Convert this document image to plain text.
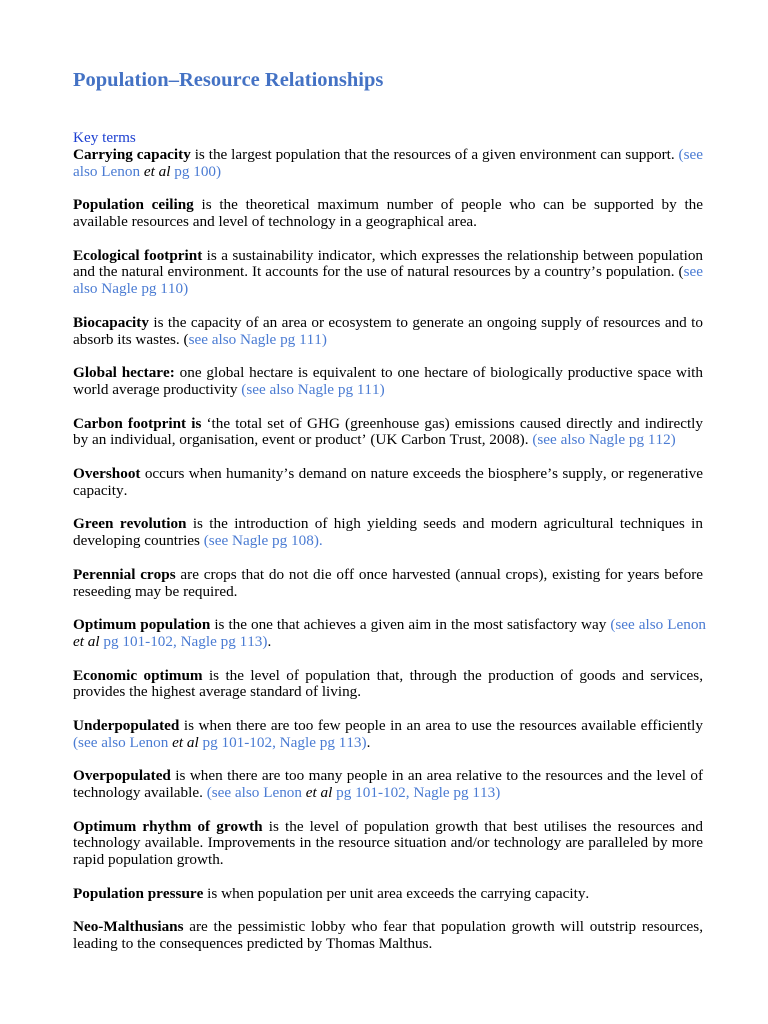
Population–Resource Relationships
Key terms

Carrying capacity is the largest population that the resources of a given environment can support. (see also Lenon et al pg 100)

Population ceiling is the theoretical maximum number of people who can be supported by the available resources and level of technology in a geographical area.

Ecological footprint is a sustainability indicator, which expresses the relationship between population and the natural environment. It accounts for the use of natural resources by a country’s population. (see also Nagle pg 110)

Biocapacity is the capacity of an area or ecosystem to generate an ongoing supply of resources and to absorb its wastes. (see also Nagle pg 111)

Global hectare: one global hectare is equivalent to one hectare of biologically productive space with world average productivity (see also Nagle pg 111)

Carbon footprint is ‘the total set of GHG (greenhouse gas) emissions caused directly and indirectly by an individual, organisation, event or product’ (UK Carbon Trust, 2008). (see also Nagle pg 112)

Overshoot occurs when humanity’s demand on nature exceeds the biosphere’s supply, or regenerative capacity.

Green revolution is the introduction of high yielding seeds and modern agricultural techniques in developing countries (see Nagle pg 108).

Perennial crops are crops that do not die off once harvested (annual crops), existing for years before reseeding may be required.

Optimum population is the one that achieves a given aim in the most satisfactory way (see also Lenon et al pg 101-102, Nagle pg 113).

Economic optimum is the level of population that, through the production of goods and services, provides the highest average standard of living.

Underpopulated is when there are too few people in an area to use the resources available efficiently (see also Lenon et al pg 101-102, Nagle pg 113).

Overpopulated is when there are too many people in an area relative to the resources and the level of technology available. (see also Lenon et al pg 101-102, Nagle pg 113)

Optimum rhythm of growth is the level of population growth that best utilises the resources and technology available. Improvements in the resource situation and/or technology are paralleled by more rapid population growth.

Population pressure is when population per unit area exceeds the carrying capacity.

Neo-Malthusians are the pessimistic lobby who fear that population growth will outstrip resources, leading to the consequences predicted by Thomas Malthus.
